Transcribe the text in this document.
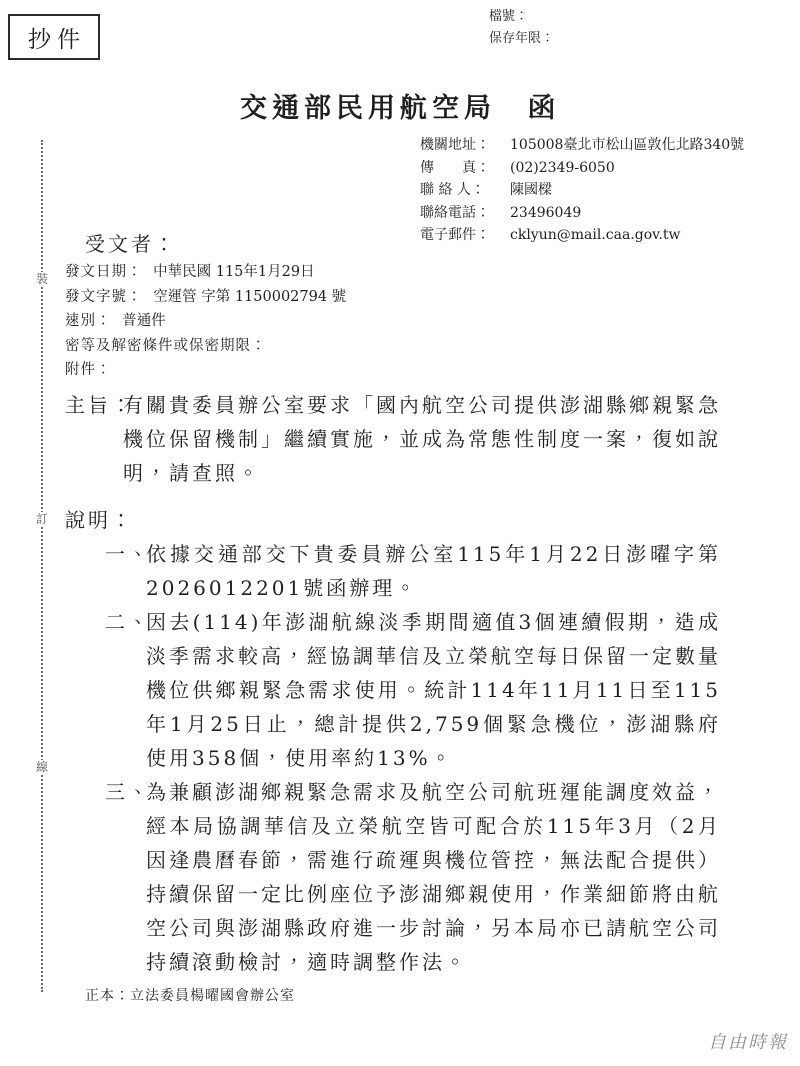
抄件
裝
訂
線
檔號：
保存年限：
交通部民用航空局　函
機關地址： 105008臺北市松山區敦化北路340號
傳　　真： (02)2349-6050
聯 絡 人： 陳國樑
聯絡電話： 23496049
電子郵件： cklyun@mail.caa.gov.tw
受文者：
發文日期： 中華民國 115年1月29日
發文字號： 空運管 字第 1150002794 號
速別： 普通件
密等及解密條件或保密期限：
附件：
主旨：
有關貴委員辦公室要求「國內航空公司提供澎湖縣鄉親緊急機位保留機制」繼續實施，並成為常態性制度一案，復如說明，請查照。
說明：
一、
依據交通部交下貴委員辦公室115年1月22日澎曜字第2026012201號函辦理。
二、
因去(114)年澎湖航線淡季期間適值3個連續假期，造成淡季需求較高，經協調華信及立榮航空每日保留一定數量機位供鄉親緊急需求使用。統計114年11月11日至115年1月25日止，總計提供2,759個緊急機位，澎湖縣府使用358個，使用率約13%。
三、
為兼顧澎湖鄉親緊急需求及航空公司航班運能調度效益，經本局協調華信及立榮航空皆可配合於115年3月（2月因逢農曆春節，需進行疏運與機位管控，無法配合提供）持續保留一定比例座位予澎湖鄉親使用，作業細節將由航空公司與澎湖縣政府進一步討論，另本局亦已請航空公司持續滾動檢討，適時調整作法。
正本：立法委員楊曜國會辦公室
自由時報
